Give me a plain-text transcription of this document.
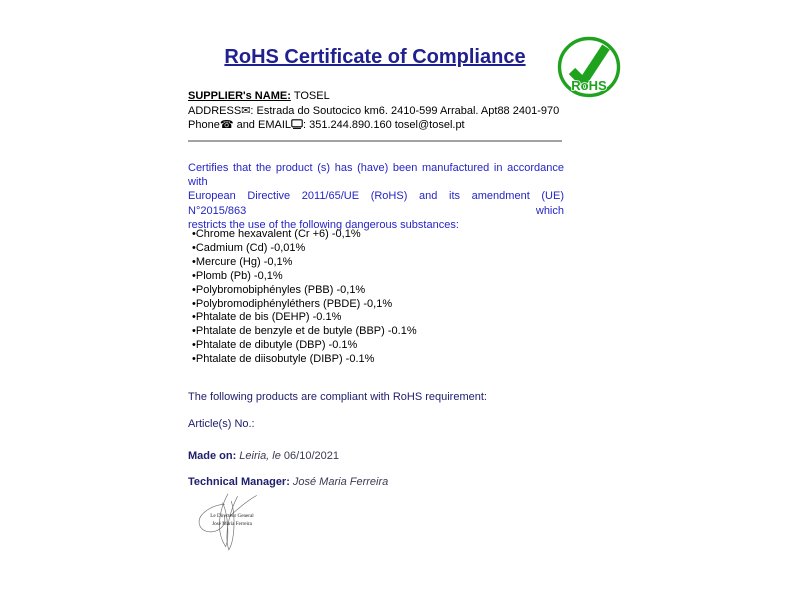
RoHS Certificate of Compliance
RoHS
SUPPLIER's NAME: TOSEL
ADDRESS✉: Estrada do Soutocico km6. 2410-599 Arrabal. Apt88 2401-970
Phone☎ and EMAIL : 351.244.890.160 tosel@tosel.pt
Certifies that the product (s) has (have) been manufactured in accordance with
European Directive 2011/65/UE (RoHS) and its amendment (UE) N°2015/863 which
restricts the use of the following dangerous substances:
• Chrome hexavalent (Cr +6) -0,1%
• Cadmium (Cd) -0,01%
• Mercure (Hg) -0,1%
• Plomb (Pb) -0,1%
• Polybromobiphényles (PBB) -0,1%
• Polybromodiphényléthers (PBDE) -0,1%
• Phtalate de bis (DEHP) -0.1%
• Phtalate de benzyle et de butyle (BBP) -0.1%
• Phtalate de dibutyle (DBP) -0.1%
• Phtalate de diisobutyle (DIBP) -0.1%
The following products are compliant with RoHS requirement:
Article(s) No.:
Made on: Leiria, le 06/10/2021
Technical Manager: José Maria Ferreira
Le Directeur General
José Maria Ferreira
